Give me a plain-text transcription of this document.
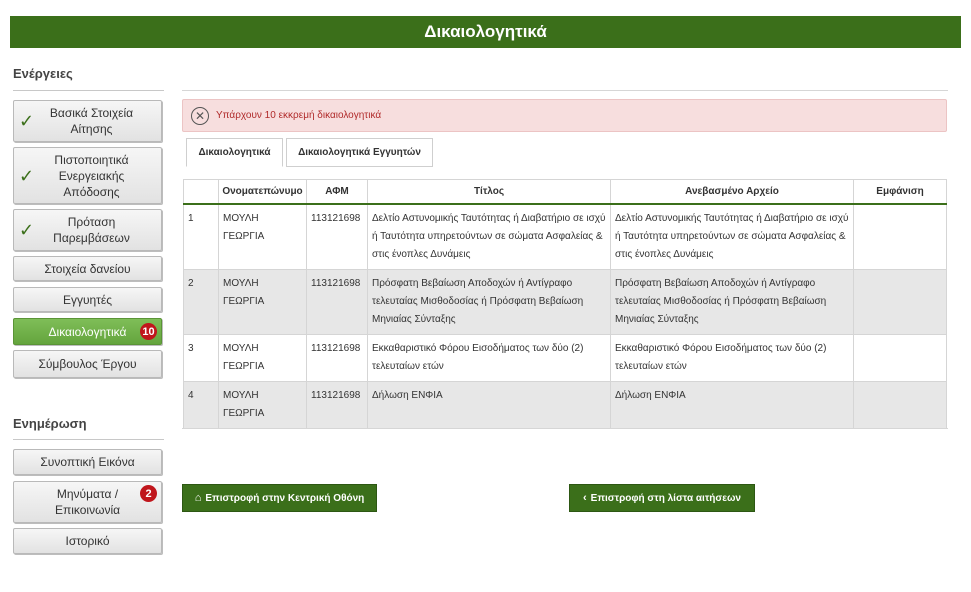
Δικαιολογητικά
Ενέργειες
✓	Βασικά Στοιχεία Αίτησης
✓
Πιστοποιητικά Ενεργειακής Απόδοσης
✓	Πρόταση Παρεμβάσεων
Στοιχεία δανείου
Εγγυητές
Δικαιολογητικά 10
Σύμβουλος Έργου
Ενημέρωση
Συνοπτική Εικόνα
Μηνύματα / Επικοινωνία
2
Ιστορικό
✕	Υπάρχουν 10 εκκρεμή δικαιολογητικά
Δικαιολογητικά	Δικαιολογητικά Εγγυητών
	Ονοματεπώνυμο	ΑΦΜ	Τίτλος	Ανεβασμένο Αρχείο	Εμφάνιση
1	ΜΟΥΛΗ ΓΕΩΡΓΙΑ	113121698	Δελτίο Αστυνομικής Ταυτότητας ή Διαβατήριο σε ισχύ ή Ταυτότητα υπηρετούντων σε σώματα Ασφαλείας & στις ένοπλες Δυνάμεις	Δελτίο Αστυνομικής Ταυτότητας ή Διαβατήριο σε ισχύ ή Ταυτότητα υπηρετούντων σε σώματα Ασφαλείας & στις ένοπλες Δυνάμεις	
2	ΜΟΥΛΗ ΓΕΩΡΓΙΑ	113121698	Πρόσφατη Βεβαίωση Αποδοχών ή Αντίγραφο τελευταίας Μισθοδοσίας ή Πρόσφατη Βεβαίωση Μηνιαίας Σύνταξης	Πρόσφατη Βεβαίωση Αποδοχών ή Αντίγραφο τελευταίας Μισθοδοσίας ή Πρόσφατη Βεβαίωση Μηνιαίας Σύνταξης	
3	ΜΟΥΛΗ ΓΕΩΡΓΙΑ	113121698	Εκκαθαριστικό Φόρου Εισοδήματος των δύο (2) τελευταίων ετών	Εκκαθαριστικό Φόρου Εισοδήματος των δύο (2) τελευταίων ετών	
4	ΜΟΥΛΗ ΓΕΩΡΓΙΑ	113121698	Δήλωση ΕΝΦΙΑ	Δήλωση ΕΝΦΙΑ	
⌂ Επιστροφή στην Κεντρική Οθόνη	‹ Επιστροφή στη λίστα αιτήσεων
